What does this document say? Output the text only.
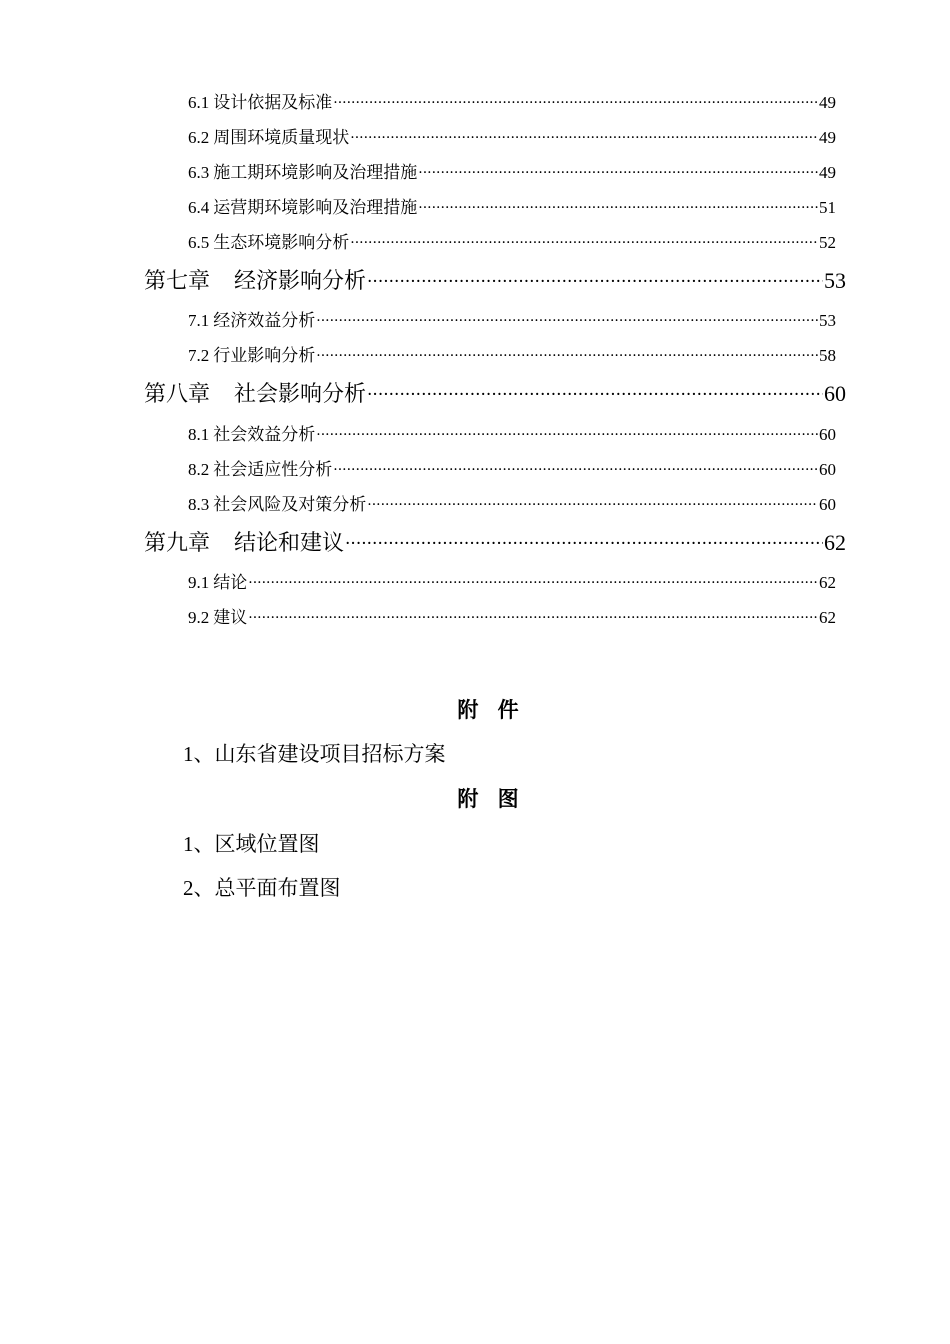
6.1 设计依据及标准 ·····	49
6.2 周围环境质量现状 ·····	49
6.3 施工期环境影响及治理措施 ·····	49
6.4 运营期环境影响及治理措施 ·····	51
6.5 生态环境影响分析 ·····	52
第七章 经济影响分析 ·····	53
7.1 经济效益分析 ·····	53
7.2 行业影响分析 ·····	58
第八章 社会影响分析 ·····	60
8.1 社会效益分析 ·····	60
8.2 社会适应性分析 ·····	60
8.3 社会风险及对策分析 ·····	60
第九章 结论和建议 ·····	62
9.1 结论 ·····	62
9.2 建议 ·····	62
附 件
1、山东省建设项目招标方案
附 图
1、区域位置图
2、总平面布置图
